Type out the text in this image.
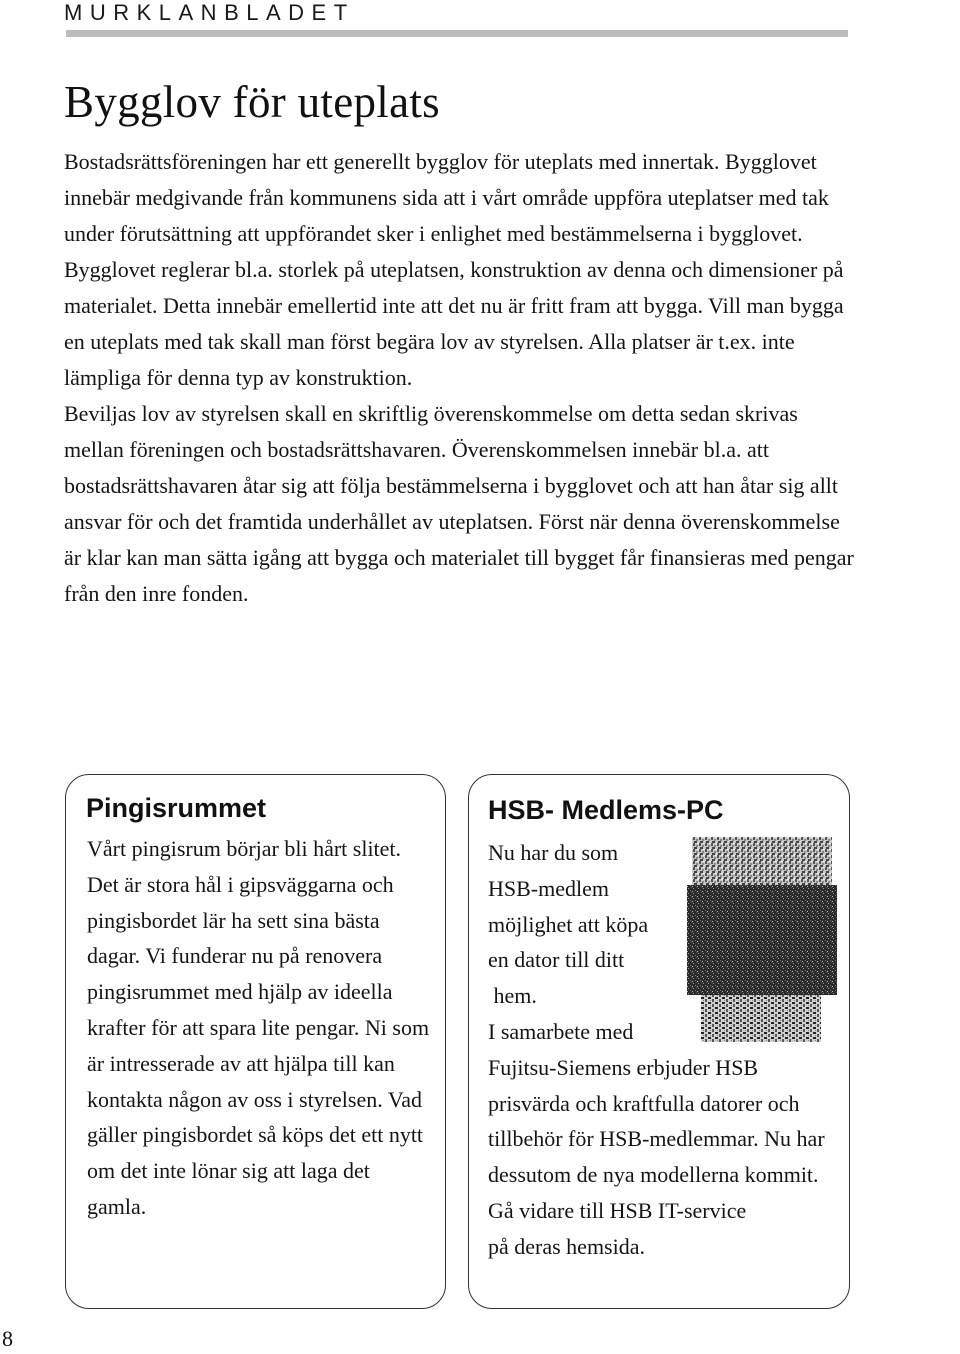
MURKLANBLADET
Bygglov för uteplats

Bostadsrättsföreningen har ett generellt bygglov för uteplats med innertak. Bygglovet innebär medgivande från kommunens sida att i vårt område uppföra uteplatser med tak under förutsättning att uppförandet sker i enlighet med bestämmelserna i bygglovet.

Bygglovet reglerar bl.a. storlek på uteplatsen, konstruktion av denna och dimensioner på materialet. Detta innebär emellertid inte att det nu är fritt fram att bygga. Vill man bygga en uteplats med tak skall man först begära lov av styrelsen. Alla platser är t.ex. inte lämpliga för denna typ av konstruktion.

Beviljas lov av styrelsen skall en skriftlig överenskommelse om detta sedan skrivas mellan föreningen och bostadsrättshavaren. Överenskommelsen innebär bl.a. att bostadsrättshavaren åtar sig att följa bestämmelserna i bygglovet och att han åtar sig allt ansvar för och det framtida underhållet av uteplatsen. Först när denna överenskommelse är klar kan man sätta igång att bygga och materialet till bygget får finansieras med pengar från den inre fonden.

Pingisrummet

Vårt pingisrum börjar bli hårt slitet. Det är stora hål i gipsväggarna och pingisbordet lär ha sett sina bästa dagar. Vi funderar nu på renovera pingisrummet med hjälp av ideella krafter för att spara lite pengar. Ni som är intresserade av att hjälpa till kan kontakta någon av oss i styrelsen. Vad gäller pingisbordet så köps det ett nytt om det inte lönar sig att laga det gamla.

HSB- Medlems-PC

Nu har du som

HSB-medlem

möjlighet att köpa

en dator till ditt

hem.

I samarbete med

Fujitsu-Siemens erbjuder HSB prisvärda och kraftfulla datorer och tillbehör för HSB-medlemmar. Nu har dessutom de nya modellerna kommit.

Gå vidare till HSB IT-service

på deras hemsida.

8
